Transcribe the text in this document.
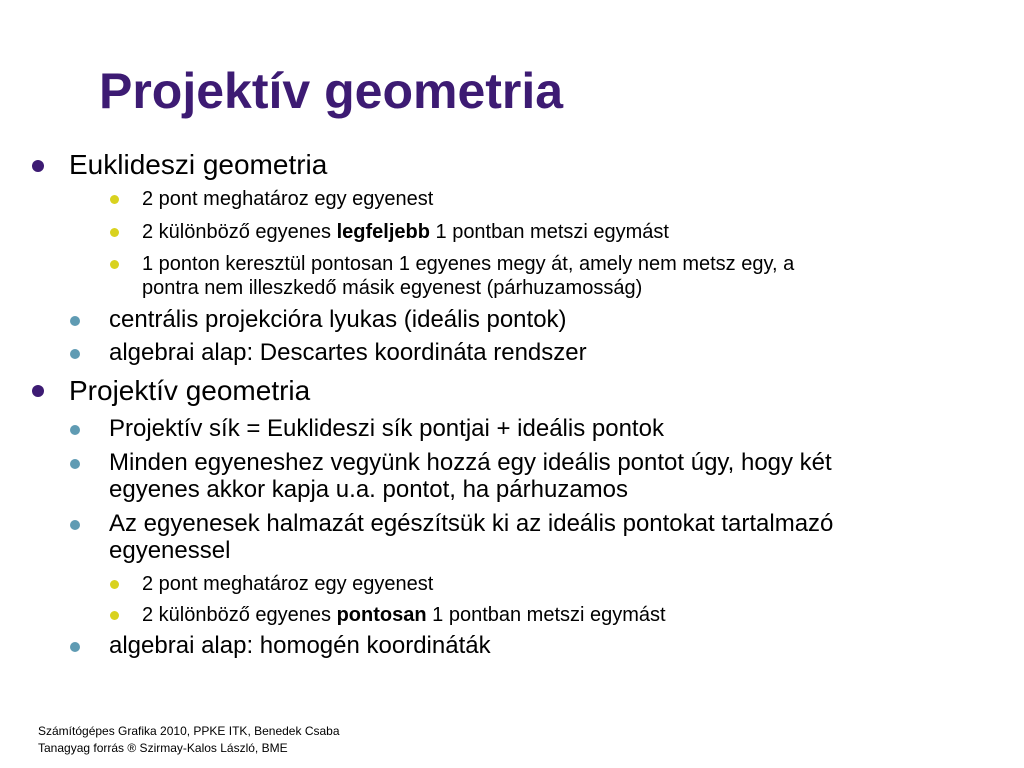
Projektív geometria

Euklideszi geometria

2 pont meghatároz egy egyenest

2 különböző egyenes legfeljebb 1 pontban metszi egymást

1 ponton keresztül pontosan 1 egyenes megy át, amely nem metsz egy, a

pontra nem illeszkedő másik egyenest (párhuzamosság)

centrális projekcióra lyukas (ideális pontok)

algebrai alap: Descartes koordináta rendszer

Projektív geometria

Projektív sík = Euklideszi sík pontjai + ideális pontok

Minden egyeneshez vegyünk hozzá egy ideális pontot úgy, hogy két

egyenes akkor kapja u.a. pontot, ha párhuzamos

Az egyenesek halmazát egészítsük ki az ideális pontokat tartalmazó

egyenessel

2 pont meghatároz egy egyenest

2 különböző egyenes pontosan 1 pontban metszi egymást

algebrai alap: homogén koordináták

Számítógépes Grafika 2010, PPKE ITK, Benedek Csaba
Tanagyag forrás ® Szirmay-Kalos László, BME
